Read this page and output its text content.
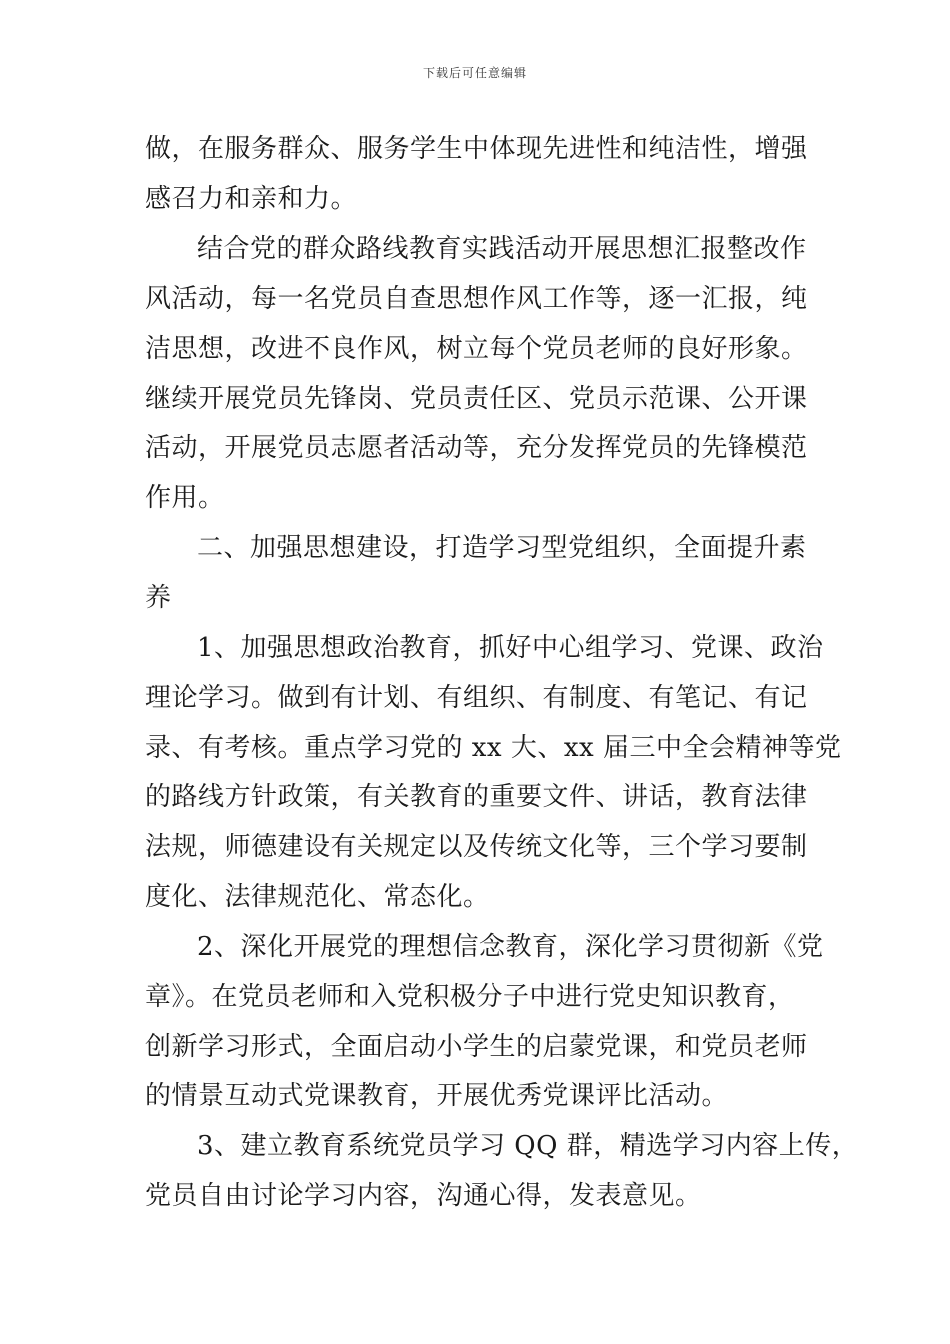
下载后可任意编辑
做，在服务群众、服务学生中体现先进性和纯洁性，增强
感召力和亲和力。
结合党的群众路线教育实践活动开展思想汇报整改作
风活动，每一名党员自查思想作风工作等，逐一汇报，纯
洁思想，改进不良作风，树立每个党员老师的良好形象。
继续开展党员先锋岗、党员责任区、党员示范课、公开课
活动，开展党员志愿者活动等，充分发挥党员的先锋模范
作用。
二、加强思想建设，打造学习型党组织，全面提升素
养
1、加强思想政治教育，抓好中心组学习、党课、政治
理论学习。做到有计划、有组织、有制度、有笔记、有记
录、有考核。重点学习党的 xx 大、xx 届三中全会精神等党
的路线方针政策，有关教育的重要文件、讲话，教育法律
法规，师德建设有关规定以及传统文化等，三个学习要制
度化、法律规范化、常态化。
2、深化开展党的理想信念教育，深化学习贯彻新《党
章》。在党员老师和入党积极分子中进行党史知识教育，
创新学习形式，全面启动小学生的启蒙党课，和党员老师
的情景互动式党课教育，开展优秀党课评比活动。
3、建立教育系统党员学习 QQ 群，精选学习内容上传，
党员自由讨论学习内容，沟通心得，发表意见。
